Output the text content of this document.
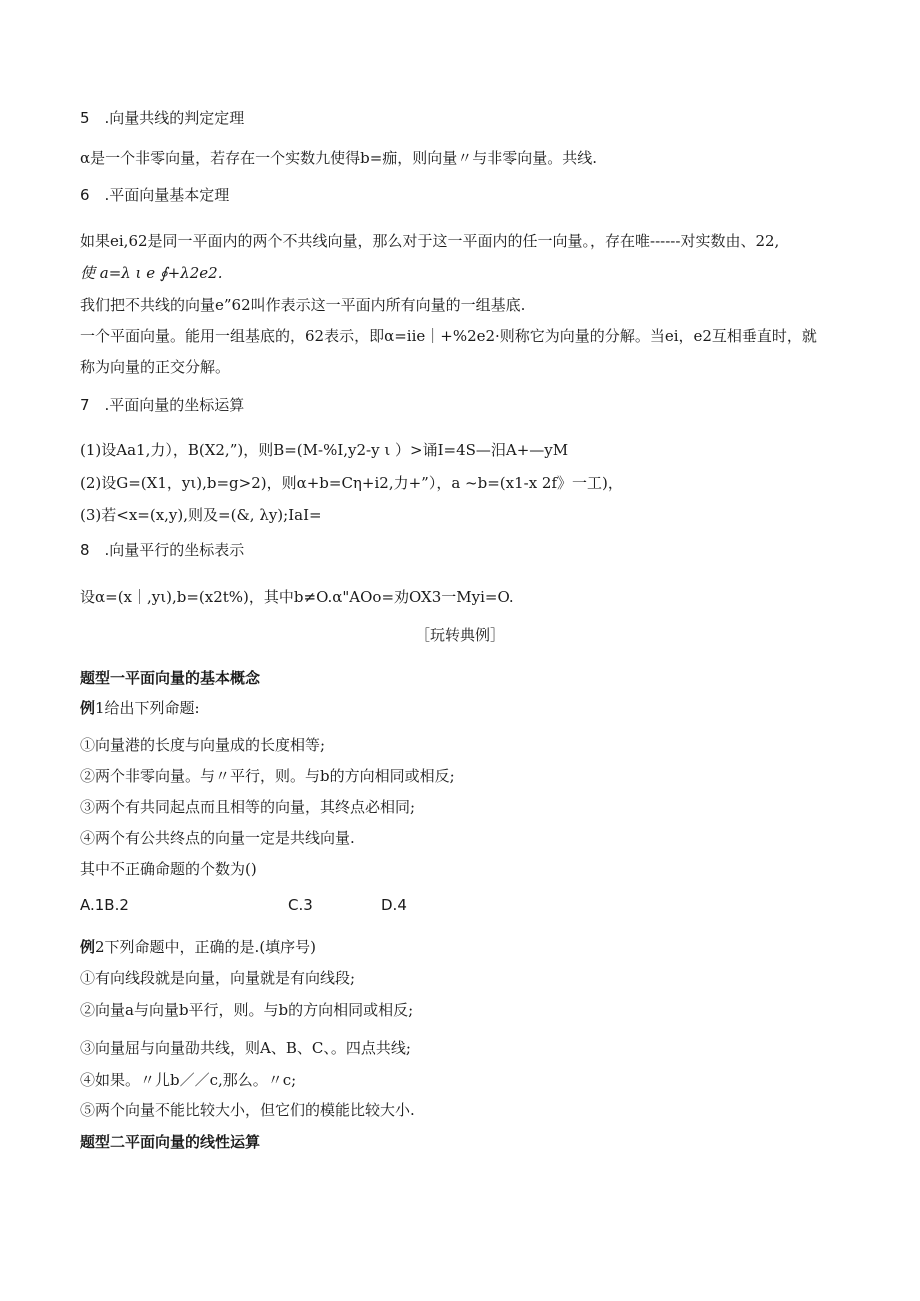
5　.向量共线的判定定理
α是一个非零向量，若存在一个实数九使得b=痂，则向量〃与非零向量。共线.
6　.平面向量基本定理
如果ei,62是同一平面内的两个不共线向量，那么对于这一平面内的任一向量。，存在唯------对实数由、22,
使 a=λ ι e ∮+λ2e2.
我们把不共线的向量e”62叫作表示这一平面内所有向量的一组基底.
一个平面向量。能用一组基底的，62表示，即α=iie｜+%2e2·则称它为向量的分解。当ei，e2互相垂直时，就
称为向量的正交分解。
7　.平面向量的坐标运算
(1)设Aa1,力），B(X2,”)，则B=(M-%I,y2-y ι ）>诵I=4S—汨A+—yM
(2)设G=(X1，yι),b=g>2)，则α+b=Cη+i2,力+”），a ~b=(x1-x 2f》一工)，
(3)若<x=(x,y),则及=(&, λy);IaI=
8　.向量平行的坐标表示
设α=(x｜,yι),b=(x2t%)，其中b≠O.α"AOo=劝OX3一Myi=O.
［玩转典例］
题型一平面向量的基本概念
例1给出下列命题:
①向量港的长度与向量成的长度相等;
②两个非零向量。与〃平行，则。与b的方向相同或相反;
③两个有共同起点而且相等的向量，其终点必相同;
④两个有公共终点的向量一定是共线向量.
其中不正确命题的个数为()
A.1B.2	C.3	D.4
例2下列命题中，正确的是.(填序号)
①有向线段就是向量，向量就是有向线段;
②向量a与向量b平行，则。与b的方向相同或相反;
③向量屈与向量劭共线，则A、B、C、。四点共线;
④如果。〃儿b／／c,那么。〃c;
⑤两个向量不能比较大小，但它们的模能比较大小.
题型二平面向量的线性运算
